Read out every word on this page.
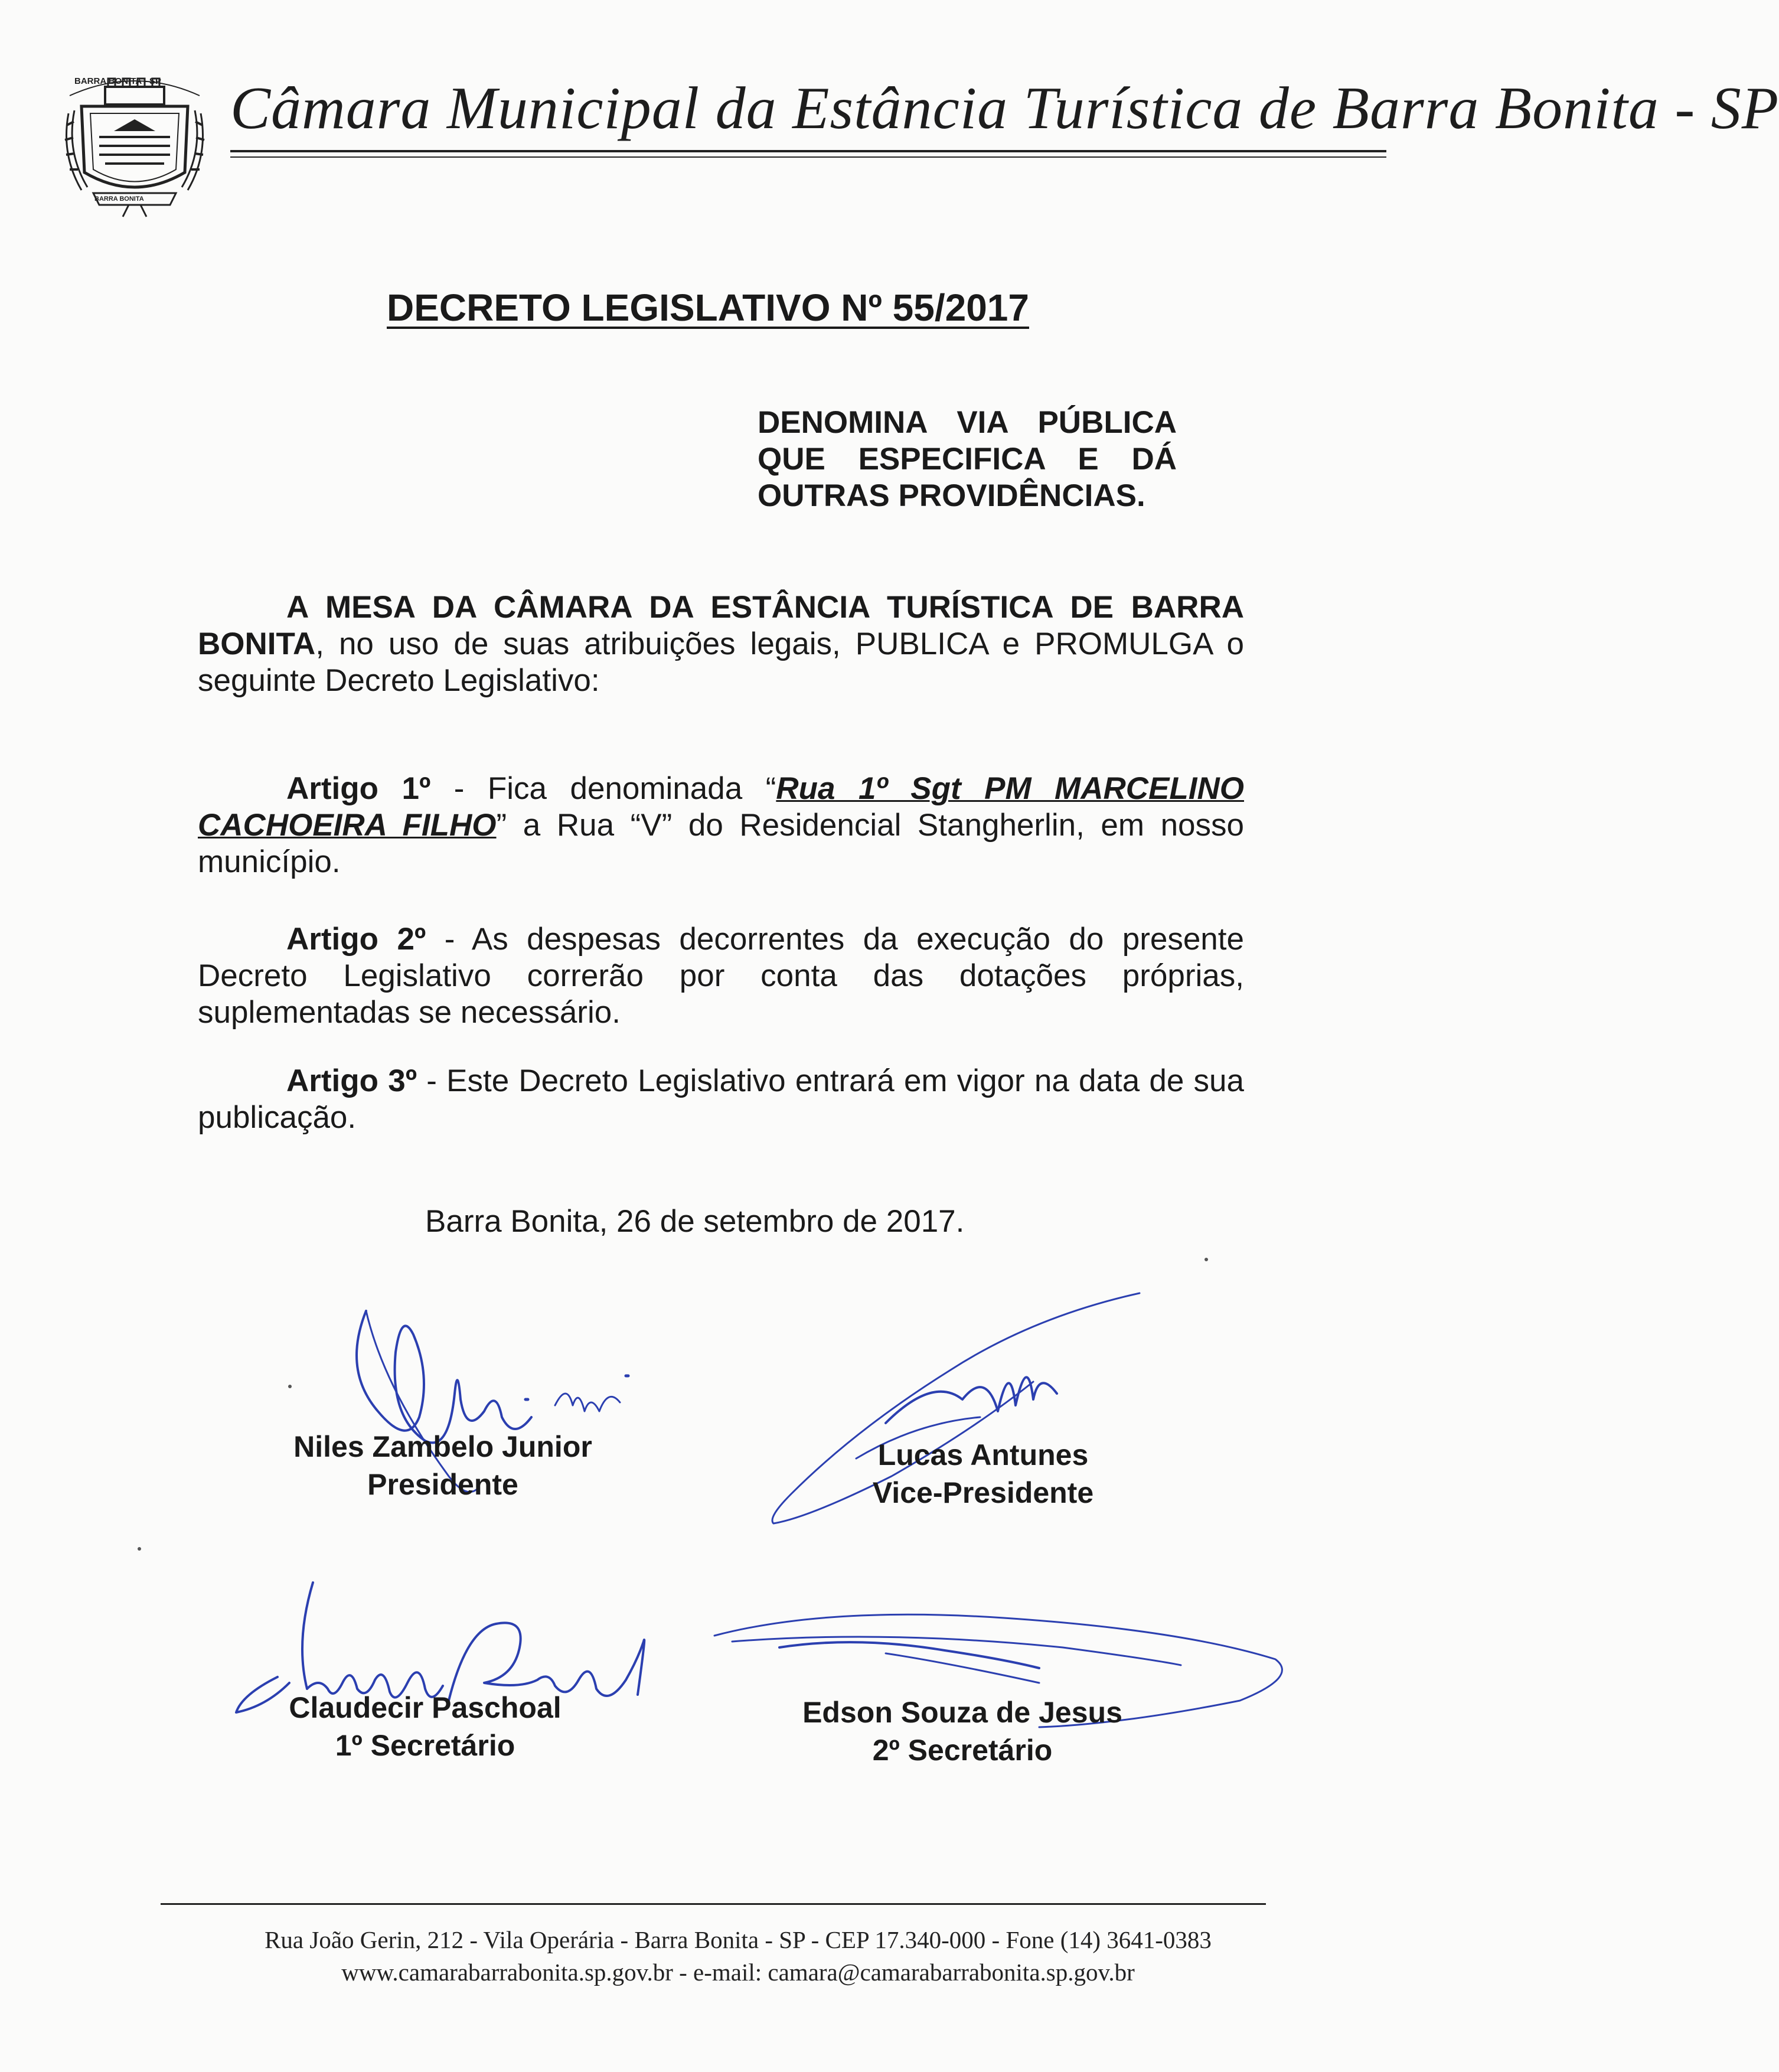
BARRA BONITA
BARRA BONITA - SP Câmara Municipal da Estância Turística de Barra Bonita - SP
DECRETO LEGISLATIVO Nº 55/2017
DENOMINA VIA PÚBLICA
QUE ESPECIFICA E DÁ
OUTRAS PROVIDÊNCIAS.
A MESA DA CÂMARA DA ESTÂNCIA TURÍSTICA DE BARRA BONITA, no uso de suas atribuições legais, PUBLICA e PROMULGA o seguinte Decreto Legislativo:
Artigo 1º - Fica denominada “Rua 1º Sgt PM MARCELINO CACHOEIRA FILHO” a Rua “V” do Residencial Stangherlin, em nosso município.
Artigo 2º - As despesas decorrentes da execução do presente Decreto Legislativo correrão por conta das dotações próprias, suplementadas se necessário.
Artigo 3º - Este Decreto Legislativo entrará em vigor na data de sua publicação.
Barra Bonita, 26 de setembro de 2017.
Niles Zambelo Junior
Presidente
Lucas Antunes
Vice-Presidente
Claudecir Paschoal
1º Secretário
Edson Souza de Jesus
2º Secretário
Rua João Gerin, 212 - Vila Operária - Barra Bonita - SP - CEP 17.340-000 - Fone (14) 3641-0383
www.camarabarrabonita.sp.gov.br - e-mail: camara@camarabarrabonita.sp.gov.br
